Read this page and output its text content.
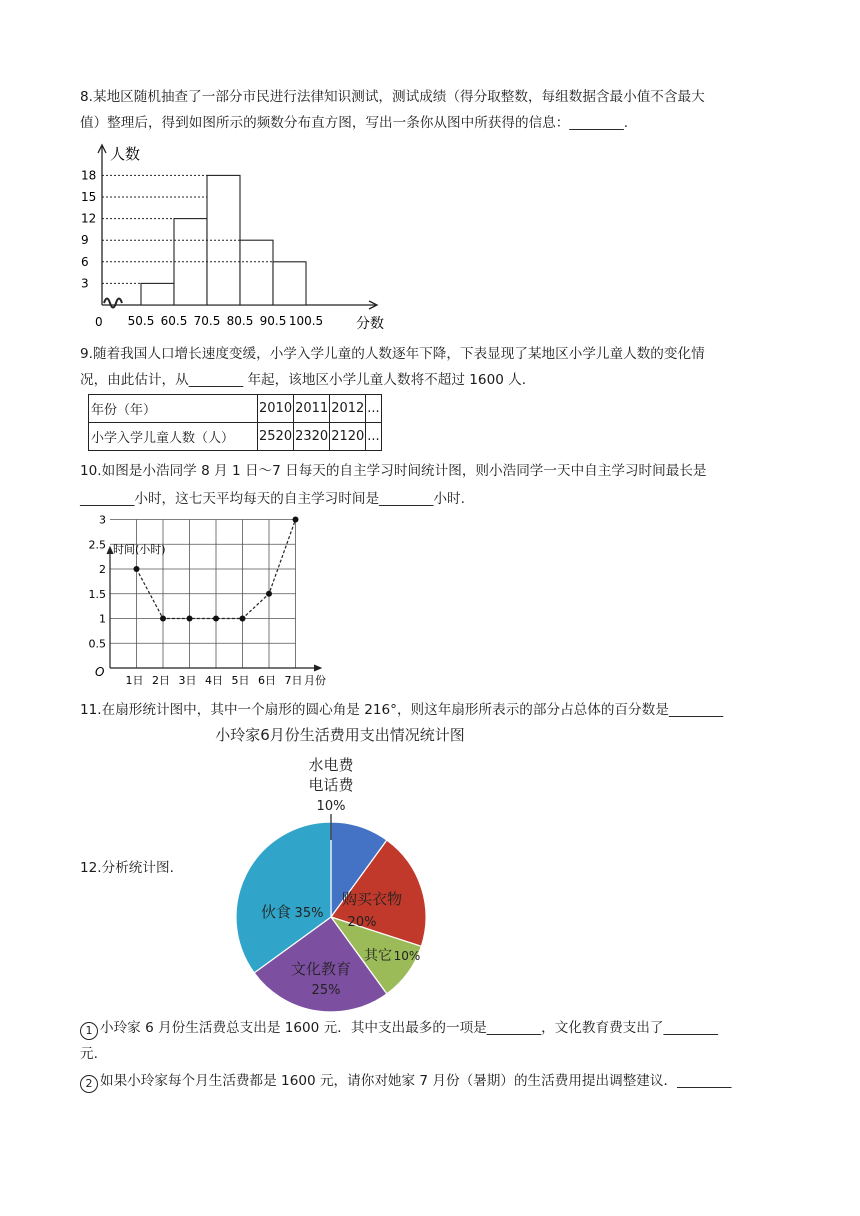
8.某地区随机抽查了一部分市民进行法律知识测试，测试成绩（得分取整数，每组数据含最小值不含最大
值）整理后，得到如图所示的频数分布直方图，写出一条你从图中所获得的信息：________.
人数
分数
0
3
6
9
12
15
18
50.5 60.5 70.5 80.5 90.5 100.5
9.随着我国人口增长速度变缓，小学入学儿童的人数逐年下降，下表显现了某地区小学儿童人数的变化情
况，由此估计，从________ 年起，该地区小学儿童人数将不超过 1600 人.
年份（年）	2010	2011	2012	...
小学入学儿童人数（人）	2520	2320	2120	...
10.如图是小浩同学 8 月 1 日～7 日每天的自主学习时间统计图，则小浩同学一天中自主学习时间最长是
________小时，这七天平均每天的自主学习时间是________小时.
时间(小时)
月份
O
0.5
1
1.5
2
2.5
3
1日 2日 3日 4日 5日 6日 7日
11.在扇形统计图中，其中一个扇形的圆心角是 216°，则这年扇形所表示的部分占总体的百分数是________
12.分析统计图.
小玲家6月份生活费用支出情况统计图
水电费
电话费
10%
购买衣物
20%
其它 10%
文化教育
25%
伙食 35%
1 小玲家 6 月份生活费总支出是 1600 元．其中支出最多的一项是________，文化教育费支出了________
元.
2 如果小玲家每个月生活费都是 1600 元，请你对她家 7 月份（暑期）的生活费用提出调整建议．________
